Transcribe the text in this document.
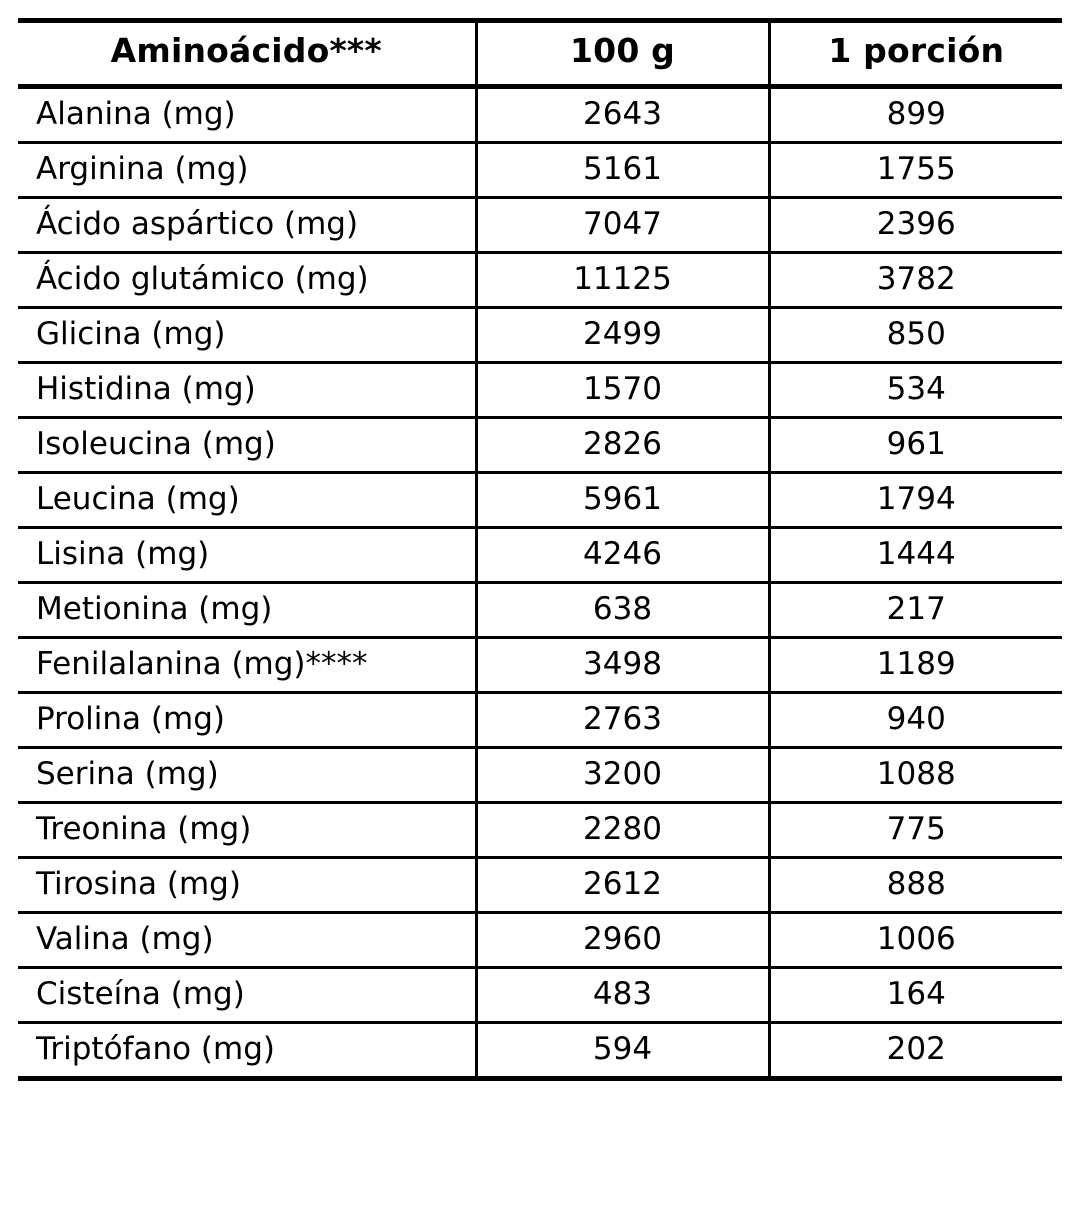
Aminoácido***	100 g	1 porción
Alanina (mg)	2643	899
Arginina (mg)	5161	1755
Ácido aspártico (mg)	7047	2396
Ácido glutámico (mg)	11125	3782
Glicina (mg)	2499	850
Histidina (mg)	1570	534
Isoleucina (mg)	2826	961
Leucina (mg)	5961	1794
Lisina (mg)	4246	1444
Metionina (mg)	638	217
Fenilalanina (mg)****	3498	1189
Prolina (mg)	2763	940
Serina (mg)	3200	1088
Treonina (mg)	2280	775
Tirosina (mg)	2612	888
Valina (mg)	2960	1006
Cisteína (mg)	483	164
Triptófano (mg)	594	202
